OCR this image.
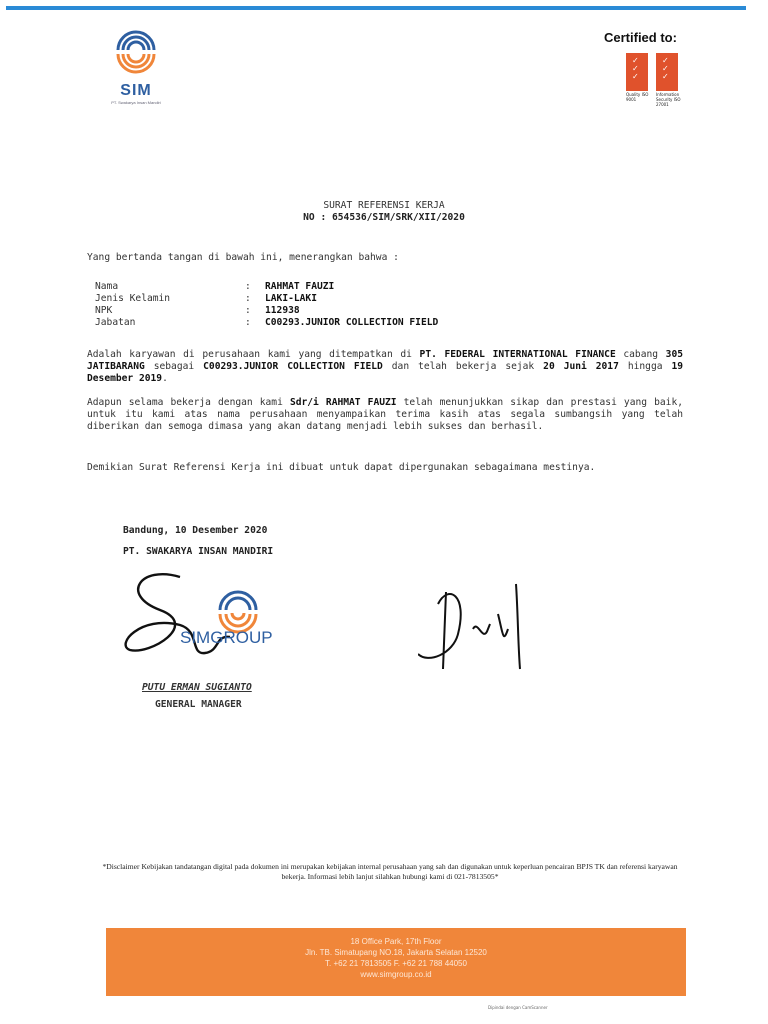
SIM
PT. Swakarya Insan Mandiri
Certified to:
✓
✓
✓
Quality ISO 9001
✓
✓
✓
Information Security ISO 27001
SURAT REFERENSI KERJA
NO : 654536/SIM/SRK/XII/2020
Yang bertanda tangan di bawah ini, menerangkan bahwa :
Nama	: RAHMAT FAUZI
Jenis Kelamin	: LAKI-LAKI
NPK	: 112938
Jabatan	: C00293.JUNIOR COLLECTION FIELD
Adalah karyawan di perusahaan kami yang ditempatkan di PT. FEDERAL INTERNATIONAL FINANCE cabang 305 JATIBARANG sebagai C00293.JUNIOR COLLECTION FIELD dan telah bekerja sejak 20 Juni 2017 hingga 19 Desember 2019.
Adapun selama bekerja dengan kami Sdr/i RAHMAT FAUZI telah menunjukkan sikap dan prestasi yang baik, untuk itu kami atas nama perusahaan menyampaikan terima kasih atas segala sumbangsih yang telah diberikan dan semoga dimasa yang akan datang menjadi lebih sukses dan berhasil.
Demikian Surat Referensi Kerja ini dibuat untuk dapat dipergunakan sebagaimana mestinya.
Bandung, 10 Desember 2020
PT. SWAKARYA INSAN MANDIRI
SIMGROUP
PUTU ERMAN SUGIANTO
GENERAL MANAGER
*Disclaimer Kebijakan tandatangan digital pada dokumen ini merupakan kebijakan internal perusahaan yang sah dan digunakan untuk keperluan pencairan BPJS TK dan referensi karyawan bekerja. Informasi lebih lanjut silahkan hubungi kami di 021-7813505*
18 Office Park, 17th Floor
Jln. TB. Simatupang NO.18, Jakarta Selatan 12520
T. +62 21 7813505 F. +62 21 788 44050
www.simgroup.co.id
Dipindai dengan CamScanner
